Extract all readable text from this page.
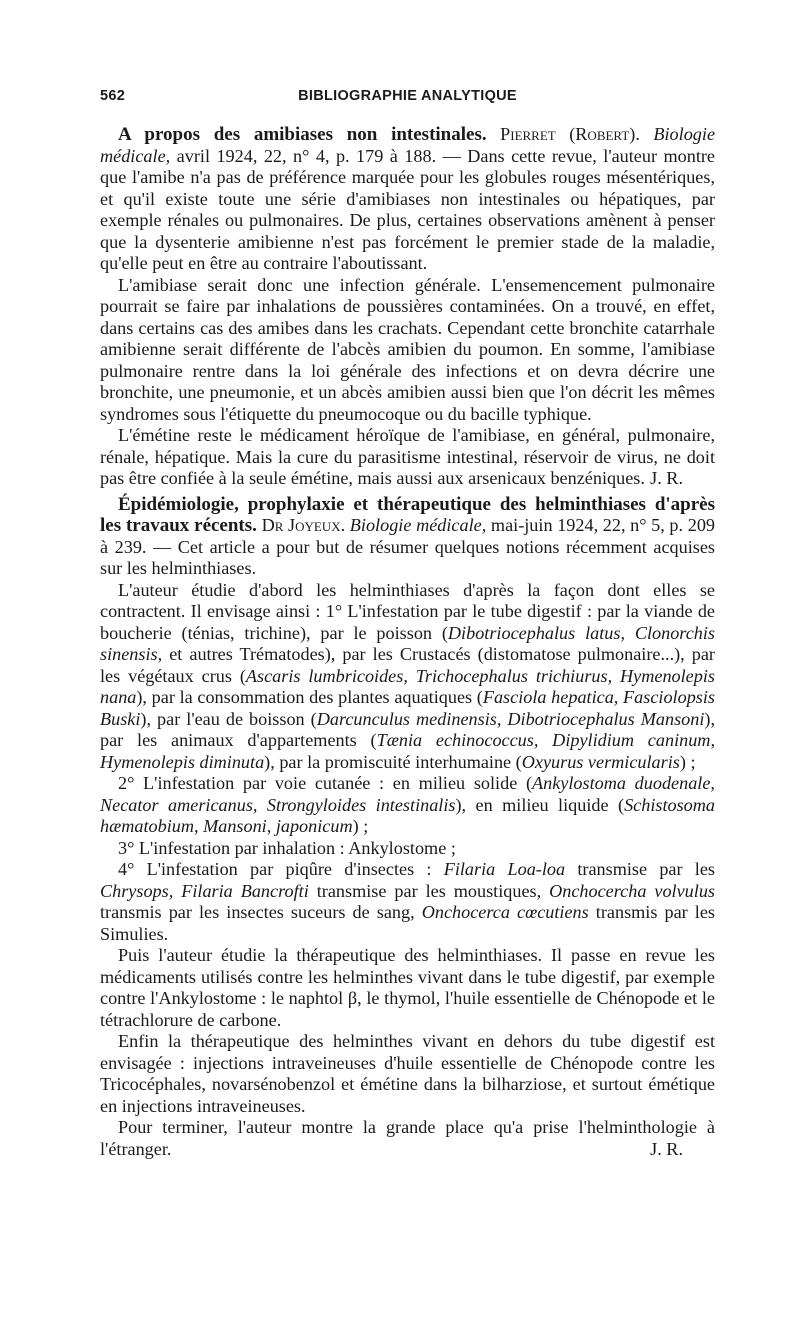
562	BIBLIOGRAPHIE ANALYTIQUE

A propos des amibiases non intestinales. Pierret (Robert). Biologie médicale, avril 1924, 22, n° 4, p. 179 à 188. — Dans cette revue, l'auteur montre que l'amibe n'a pas de préférence marquée pour les globules rouges mésentériques, et qu'il existe toute une série d'amibiases non intestinales ou hépatiques, par exemple rénales ou pulmonaires. De plus, certaines observations amènent à penser que la dysenterie amibienne n'est pas forcément le premier stade de la maladie, qu'elle peut en être au contraire l'aboutissant.

L'amibiase serait donc une infection générale. L'ensemencement pulmonaire pourrait se faire par inhalations de poussières contaminées. On a trouvé, en effet, dans certains cas des amibes dans les crachats. Cependant cette bronchite catarrhale amibienne serait différente de l'abcès amibien du poumon. En somme, l'amibiase pulmonaire rentre dans la loi générale des infections et on devra décrire une bronchite, une pneumonie, et un abcès amibien aussi bien que l'on décrit les mêmes syndromes sous l'étiquette du pneumocoque ou du bacille typhique.

L'émétine reste le médicament héroïque de l'amibiase, en général, pulmonaire, rénale, hépatique. Mais la cure du parasitisme intestinal, réservoir de virus, ne doit pas être confiée à la seule émétine, mais aussi aux arsenicaux benzéniques. J. R.

Épidémiologie, prophylaxie et thérapeutique des helminthiases d'après les travaux récents. Dr Joyeux. Biologie médicale, mai-juin 1924, 22, n° 5, p. 209 à 239. — Cet article a pour but de résumer quelques notions récemment acquises sur les helminthiases.

L'auteur étudie d'abord les helminthiases d'après la façon dont elles se contractent. Il envisage ainsi : 1° L'infestation par le tube digestif : par la viande de boucherie (ténias, trichine), par le poisson (Dibotriocephalus latus, Clonorchis sinensis, et autres Trématodes), par les Crustacés (distomatose pulmonaire...), par les végétaux crus (Ascaris lumbricoides, Trichocephalus trichiurus, Hymenolepis nana), par la consommation des plantes aquatiques (Fasciola hepatica, Fasciolopsis Buski), par l'eau de boisson (Darcunculus medinensis, Dibotriocephalus Mansoni), par les animaux d'appartements (Tænia echinococcus, Dipylidium caninum, Hymenolepis diminuta), par la promiscuité interhumaine (Oxyurus vermicularis) ;

2° L'infestation par voie cutanée : en milieu solide (Ankylostoma duodenale, Necator americanus, Strongyloides intestinalis), en milieu liquide (Schistosoma hæmatobium, Mansoni, japonicum) ;

3° L'infestation par inhalation : Ankylostome ;

4° L'infestation par piqûre d'insectes : Filaria Loa-loa transmise par les Chrysops, Filaria Bancrofti transmise par les moustiques, Onchocercha volvulus transmis par les insectes suceurs de sang, Onchocerca cœcutiens transmis par les Simulies.

Puis l'auteur étudie la thérapeutique des helminthiases. Il passe en revue les médicaments utilisés contre les helminthes vivant dans le tube digestif, par exemple contre l'Ankylostome : le naphtol β, le thymol, l'huile essentielle de Chénopode et le tétrachlorure de carbone.

Enfin la thérapeutique des helminthes vivant en dehors du tube digestif est envisagée : injections intraveineuses d'huile essentielle de Chénopode contre les Tricocéphales, novarsénobenzol et émétine dans la bilharziose, et surtout émétique en injections intraveineuses.

Pour terminer, l'auteur montre la grande place qu'a prise l'helminthologie à l'étranger.	J. R.
